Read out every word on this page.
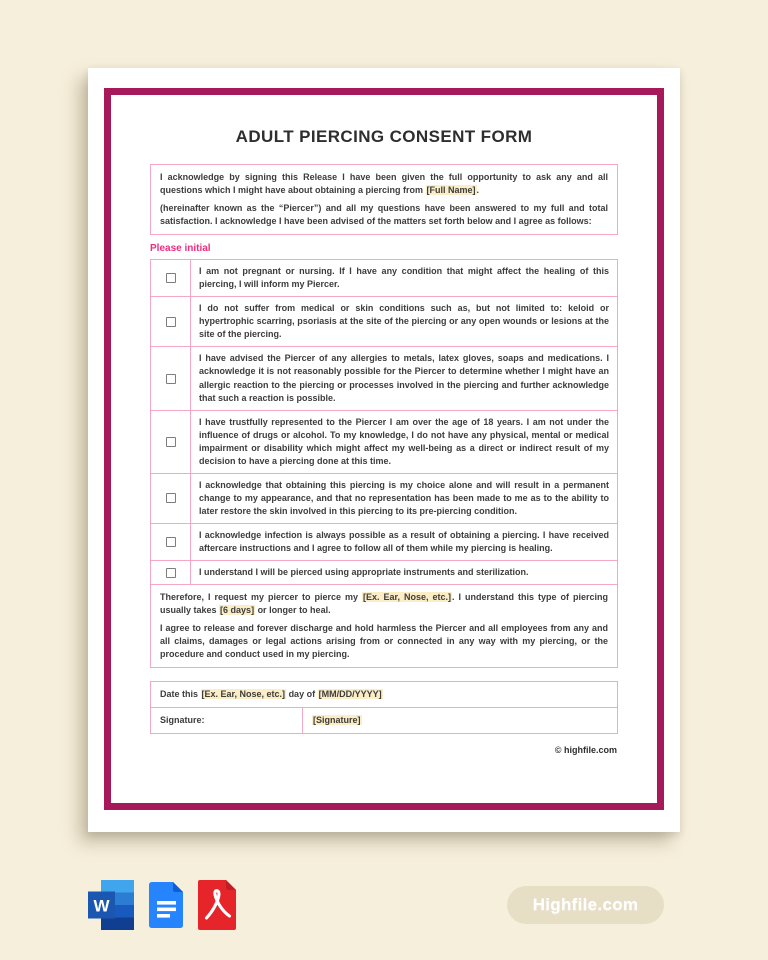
ADULT PIERCING CONSENT FORM

I acknowledge by signing this Release I have been given the full opportunity to ask any and all questions which I might have about obtaining a piercing from [Full Name].

(hereinafter known as the “Piercer”) and all my questions have been answered to my full and total satisfaction. I acknowledge I have been advised of the matters set forth below and I agree as follows:

Please initial
	I am not pregnant or nursing. If I have any condition that might affect the healing of this piercing, I will inform my Piercer.
	I do not suffer from medical or skin conditions such as, but not limited to: keloid or hypertrophic scarring, psoriasis at the site of the piercing or any open wounds or lesions at the site of the piercing.
	I have advised the Piercer of any allergies to metals, latex gloves, soaps and medications. I acknowledge it is not reasonably possible for the Piercer to determine whether I might have an allergic reaction to the piercing or processes involved in the piercing and further acknowledge that such a reaction is possible.
	I have trustfully represented to the Piercer I am over the age of 18 years. I am not under the influence of drugs or alcohol. To my knowledge, I do not have any physical, mental or medical impairment or disability which might affect my well-being as a direct or indirect result of my decision to have a piercing done at this time.
	I acknowledge that obtaining this piercing is my choice alone and will result in a permanent change to my appearance, and that no representation has been made to me as to the ability to later restore the skin involved in this piercing to its pre-piercing condition.
	I acknowledge infection is always possible as a result of obtaining a piercing. I have received aftercare instructions and I agree to follow all of them while my piercing is healing.
	I understand I will be pierced using appropriate instruments and sterilization.

Therefore, I request my piercer to pierce my [Ex. Ear, Nose, etc.]. I understand this type of piercing usually takes [6 days] or longer to heal.

I agree to release and forever discharge and hold harmless the Piercer and all employees from any and all claims, damages or legal actions arising from or connected in any way with my piercing, or the procedure and conduct used in my piercing.

Date this [Ex. Ear, Nose, etc.] day of [MM/DD/YYYY]
Signature:	[Signature]
© highfile.com
W	Highfile.com
